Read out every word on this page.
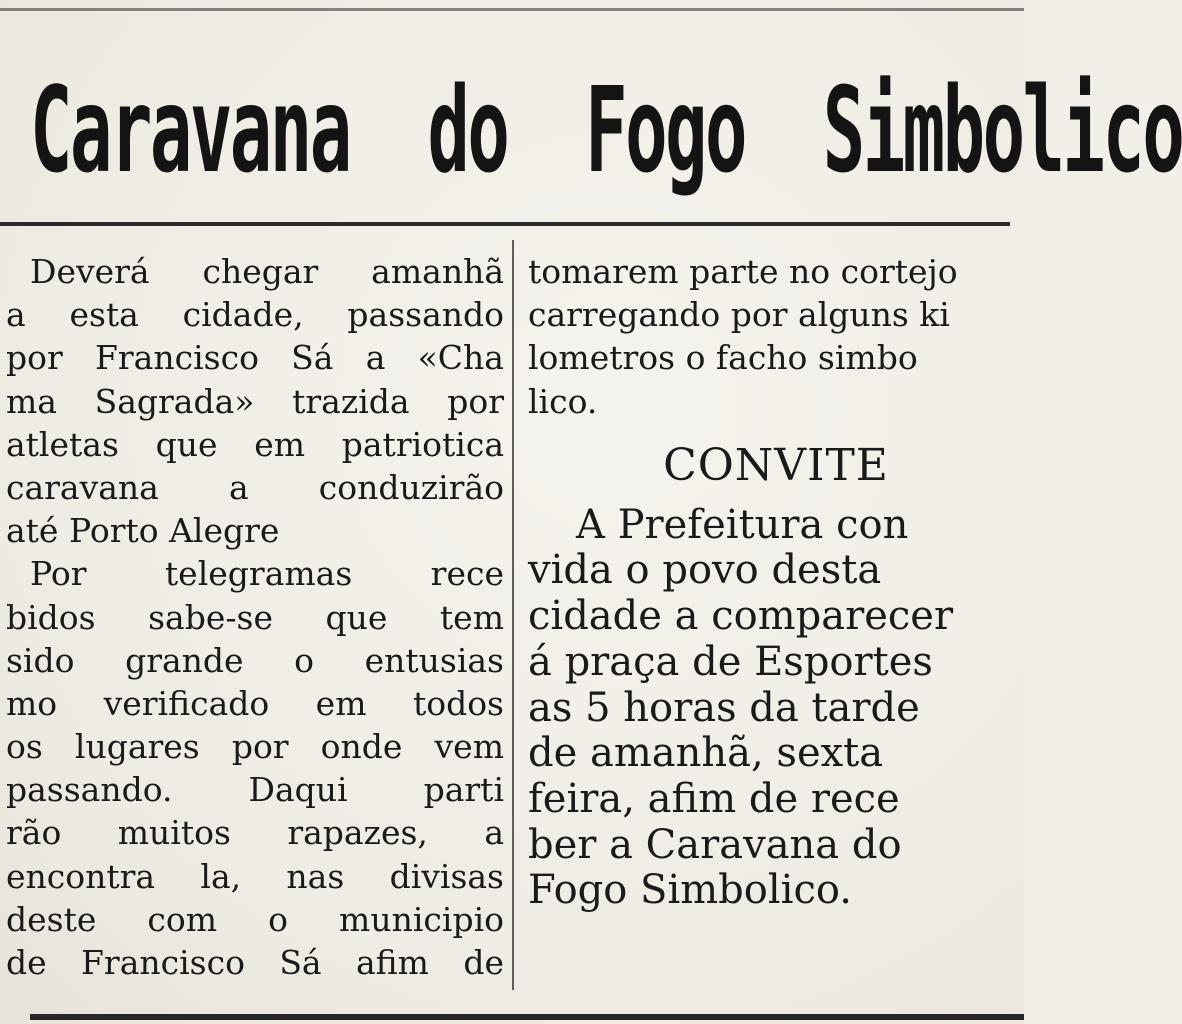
Caravana do Fogo Simbolico
Deverá chegar amanhã
a esta cidade, passando
por Francisco Sá a «Cha
ma Sagrada» trazida por
atletas que em patriotica
caravana a conduzirão
até Porto Alegre
Por telegramas rece
bidos sabe-se que tem
sido grande o entusias
mo verificado em todos
os lugares por onde vem
passando. Daqui parti
rão muitos rapazes, a
encontra la, nas divisas
deste com o municipio
de Francisco Sá afim de
tomarem parte no cortejo
carregando por alguns ki
lometros o facho simbo
lico.
CONVITE
A Prefeitura con
vida o povo desta
cidade a comparecer
á praça de Esportes
as 5 horas da tarde
de amanhã, sexta
feira, afim de rece
ber a Caravana do
Fogo Simbolico.
